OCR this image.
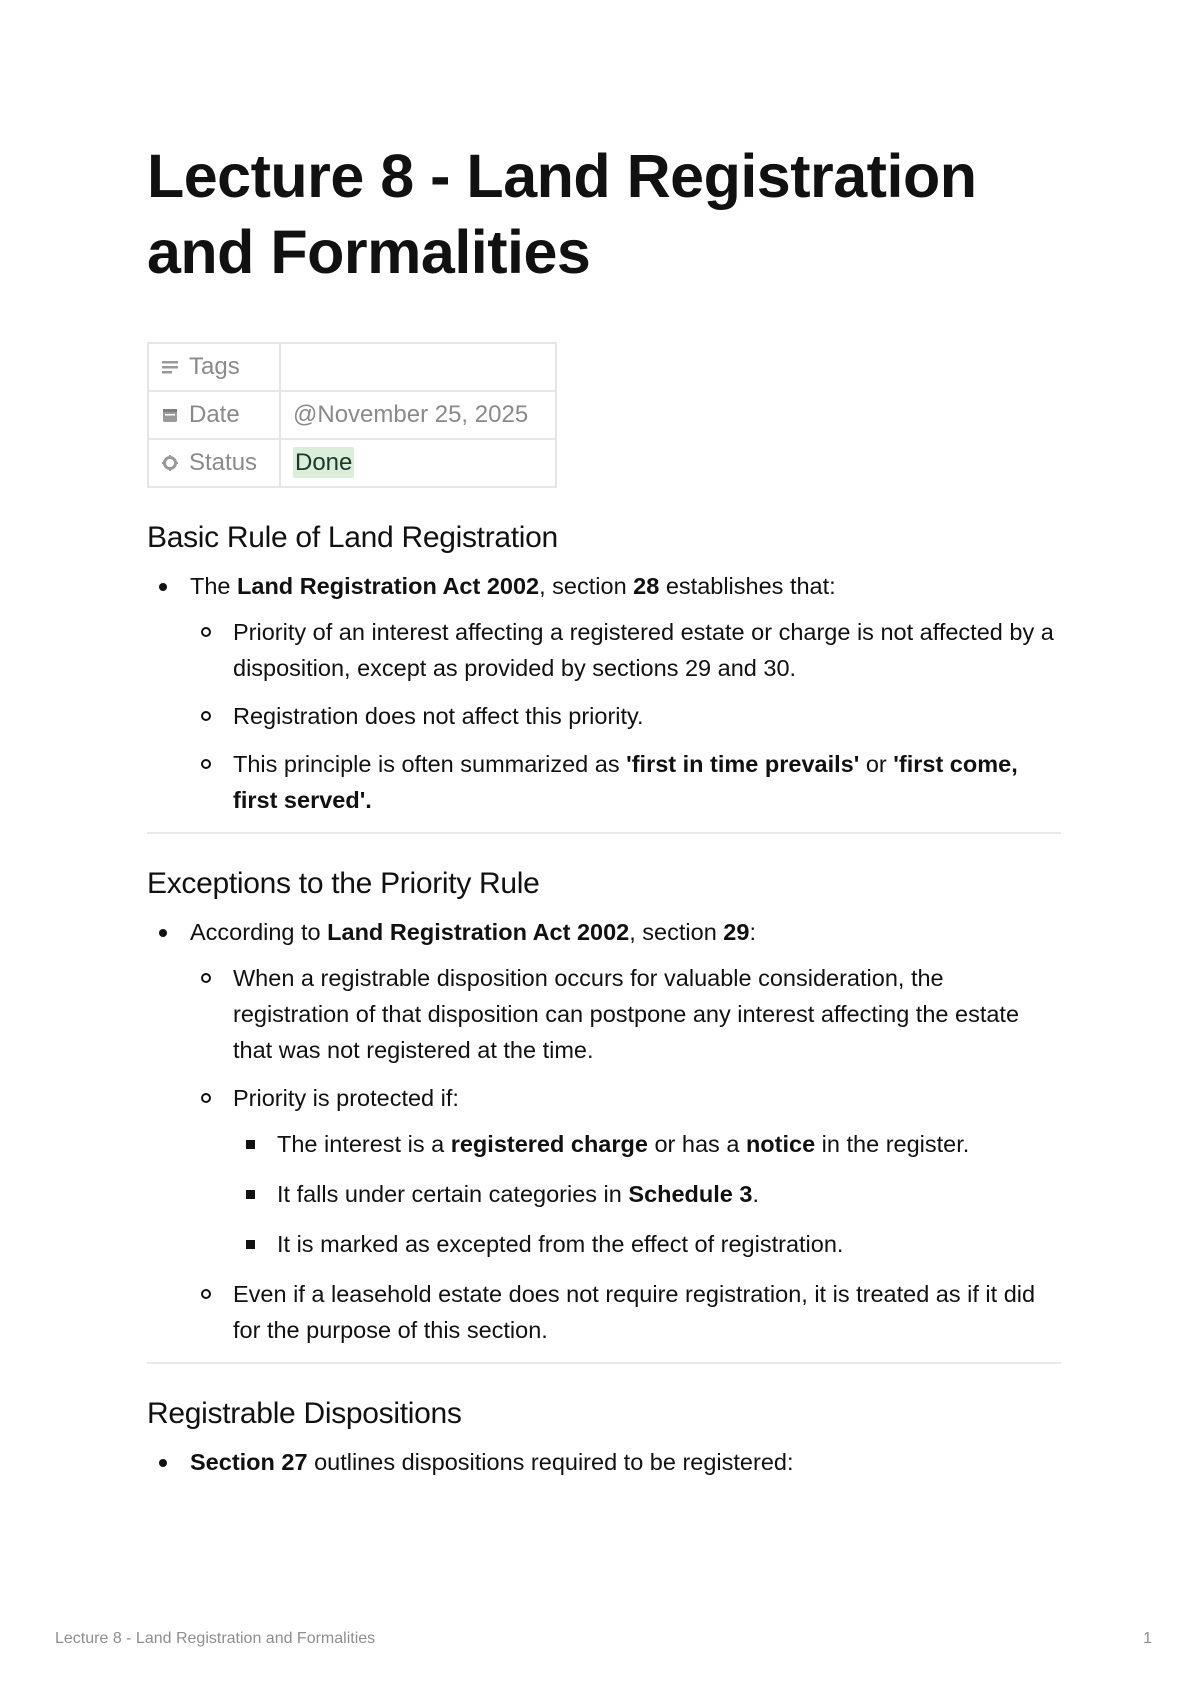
Lecture 8 - Land Registration and Formalities
Tags	
Date	@November 25, 2025
Status	Done
Basic Rule of Land Registration
The Land Registration Act 2002, section 28 establishes that:
Priority of an interest affecting a registered estate or charge is not affected by a disposition, except as provided by sections 29 and 30.
Registration does not affect this priority.
This principle is often summarized as 'first in time prevails' or 'first come, first served'.
Exceptions to the Priority Rule
According to Land Registration Act 2002, section 29:
When a registrable disposition occurs for valuable consideration, the registration of that disposition can postpone any interest affecting the estate that was not registered at the time.
Priority is protected if:
The interest is a registered charge or has a notice in the register.
It falls under certain categories in Schedule 3.
It is marked as excepted from the effect of registration.
Even if a leasehold estate does not require registration, it is treated as if it did for the purpose of this section.
Registrable Dispositions
Section 27 outlines dispositions required to be registered:
Lecture 8 - Land Registration and Formalities	1
